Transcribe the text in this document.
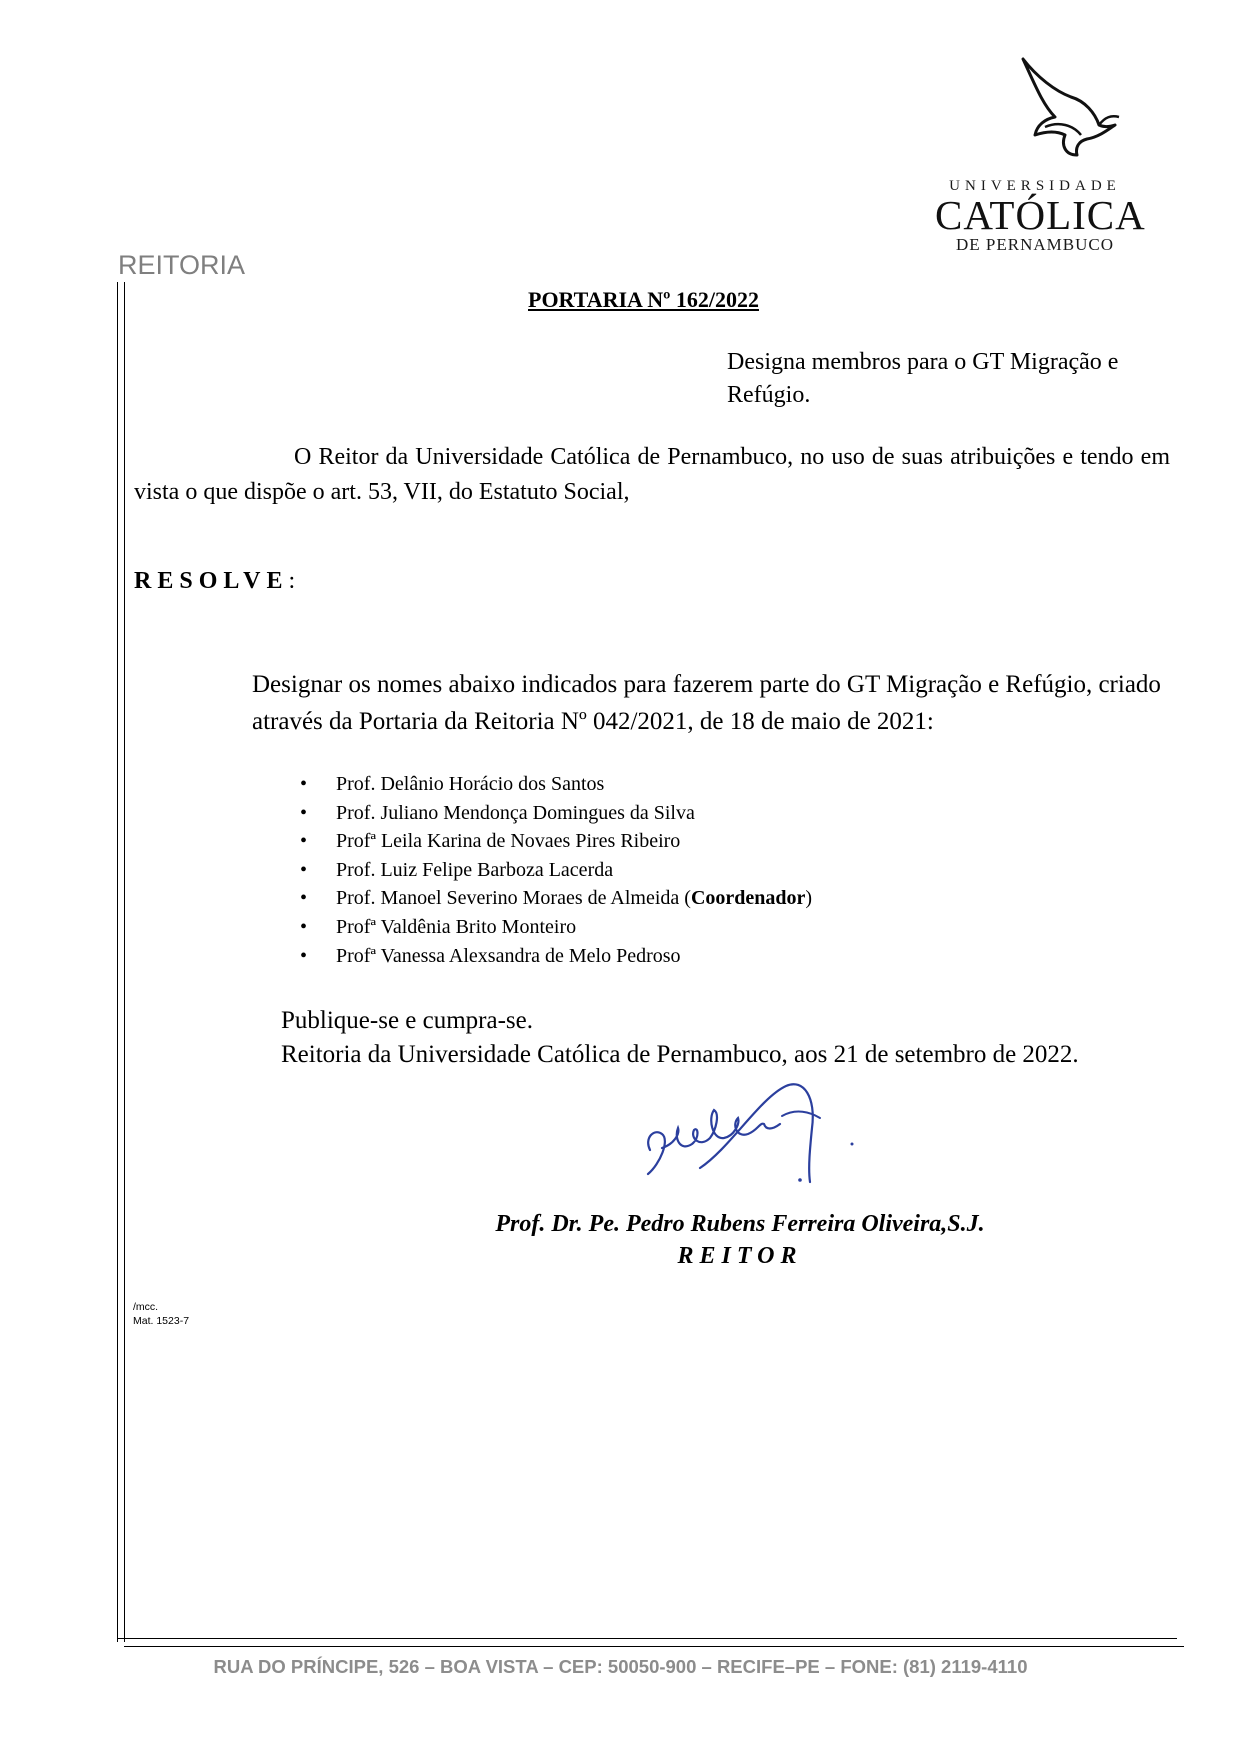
UNIVERSIDADE
CATÓLICA
DE PERNAMBUCO
REITORIA
PORTARIA Nº 162/2022
Designa membros para o GT Migração e Refúgio.
O Reitor da Universidade Católica de Pernambuco, no uso de suas atribuições e tendo em vista o que dispõe o art. 53, VII, do Estatuto Social,
RESOLVE:
Designar os nomes abaixo indicados para fazerem parte do GT Migração e Refúgio, criado através da Portaria da Reitoria Nº 042/2021, de 18 de maio de 2021:
• Prof. Delânio Horácio dos Santos
• Prof. Juliano Mendonça Domingues da Silva
• Profª Leila Karina de Novaes Pires Ribeiro
• Prof. Luiz Felipe Barboza Lacerda
• Prof. Manoel Severino Moraes de Almeida (Coordenador)
• Profª Valdênia Brito Monteiro
• Profª Vanessa Alexsandra de Melo Pedroso
Publique-se e cumpra-se.
Reitoria da Universidade Católica de Pernambuco, aos 21 de setembro de 2022.
Prof. Dr. Pe. Pedro Rubens Ferreira Oliveira,S.J.
REITOR
/mcc.
Mat. 1523-7
RUA DO PRÍNCIPE, 526 – BOA VISTA – CEP: 50050-900 – RECIFE–PE – FONE: (81) 2119-4110
